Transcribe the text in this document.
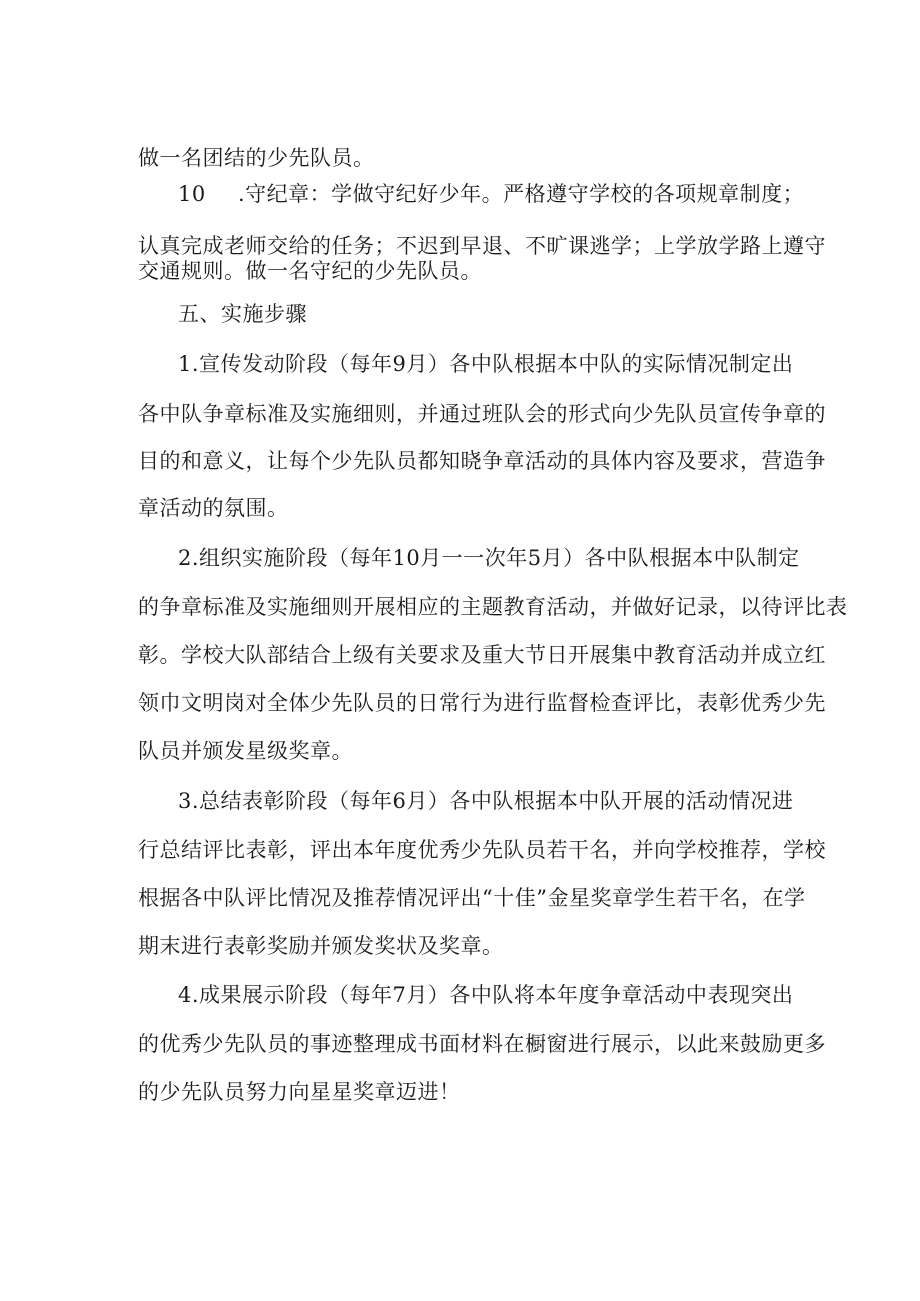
做一名团结的少先队员。
10 .守纪章：学做守纪好少年。严格遵守学校的各项规章制度；
认真完成老师交给的任务；不迟到早退、不旷课逃学；上学放学路上遵守
交通规则。做一名守纪的少先队员。
五、实施步骤
1.宣传发动阶段（每年9月）各中队根据本中队的实际情况制定出
各中队争章标准及实施细则，并通过班队会的形式向少先队员宣传争章的
目的和意义，让每个少先队员都知晓争章活动的具体内容及要求，营造争
章活动的氛围。
2.组织实施阶段（每年10月一一次年5月）各中队根据本中队制定
的争章标准及实施细则开展相应的主题教育活动，并做好记录，以待评比表
彰。学校大队部结合上级有关要求及重大节日开展集中教育活动并成立红
领巾文明岗对全体少先队员的日常行为进行监督检查评比，表彰优秀少先
队员并颁发星级奖章。
3.总结表彰阶段（每年6月）各中队根据本中队开展的活动情况进
行总结评比表彰，评出本年度优秀少先队员若干名，并向学校推荐，学校
根据各中队评比情况及推荐情况评出“十佳”金星奖章学生若干名，在学
期末进行表彰奖励并颁发奖状及奖章。
4.成果展示阶段（每年7月）各中队将本年度争章活动中表现突出
的优秀少先队员的事迹整理成书面材料在橱窗进行展示，以此来鼓励更多
的少先队员努力向星星奖章迈进！
